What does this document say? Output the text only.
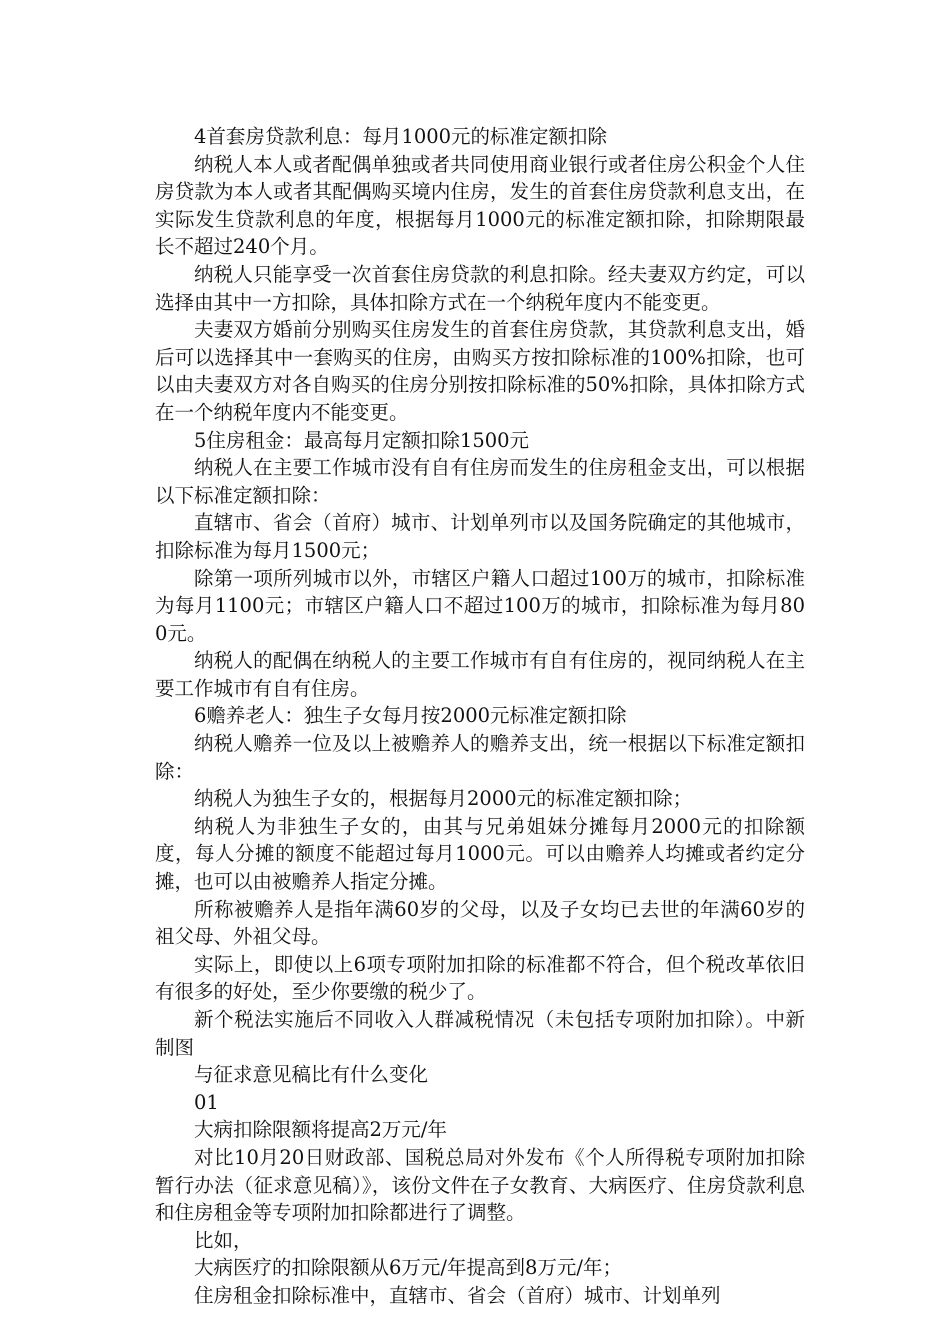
4首套房贷款利息：每月1000元的标准定额扣除

纳税人本人或者配偶单独或者共同使用商业银行或者住房公积金个人住房贷款为本人或者其配偶购买境内住房，发生的首套住房贷款利息支出，在实际发生贷款利息的年度，根据每月1000元的标准定额扣除，扣除期限最长不超过240个月。

纳税人只能享受一次首套住房贷款的利息扣除。经夫妻双方约定，可以选择由其中一方扣除，具体扣除方式在一个纳税年度内不能变更。

夫妻双方婚前分别购买住房发生的首套住房贷款，其贷款利息支出，婚后可以选择其中一套购买的住房，由购买方按扣除标准的100%扣除，也可以由夫妻双方对各自购买的住房分别按扣除标准的50%扣除，具体扣除方式在一个纳税年度内不能变更。

5住房租金：最高每月定额扣除1500元

纳税人在主要工作城市没有自有住房而发生的住房租金支出，可以根据以下标准定额扣除：

直辖市、省会（首府）城市、计划单列市以及国务院确定的其他城市，扣除标准为每月1500元；

除第一项所列城市以外，市辖区户籍人口超过100万的城市，扣除标准为每月1100元；市辖区户籍人口不超过100万的城市，扣除标准为每月800元。

纳税人的配偶在纳税人的主要工作城市有自有住房的，视同纳税人在主要工作城市有自有住房。

6赡养老人：独生子女每月按2000元标准定额扣除

纳税人赡养一位及以上被赡养人的赡养支出，统一根据以下标准定额扣除：

纳税人为独生子女的，根据每月2000元的标准定额扣除；

纳税人为非独生子女的，由其与兄弟姐妹分摊每月2000元的扣除额度，每人分摊的额度不能超过每月1000元。可以由赡养人均摊或者约定分摊，也可以由被赡养人指定分摊。

所称被赡养人是指年满60岁的父母，以及子女均已去世的年满60岁的祖父母、外祖父母。

实际上，即使以上6项专项附加扣除的标准都不符合，但个税改革依旧有很多的好处，至少你要缴的税少了。

新个税法实施后不同收入人群减税情况（未包括专项附加扣除）。中新制图

与征求意见稿比有什么变化

01

大病扣除限额将提高2万元/年

对比10月20日财政部、国税总局对外发布《个人所得税专项附加扣除暂行办法（征求意见稿）》，该份文件在子女教育、大病医疗、住房贷款利息和住房租金等专项附加扣除都进行了调整。

比如，

大病医疗的扣除限额从6万元/年提高到8万元/年；

住房租金扣除标准中，直辖市、省会（首府）城市、计划单列
